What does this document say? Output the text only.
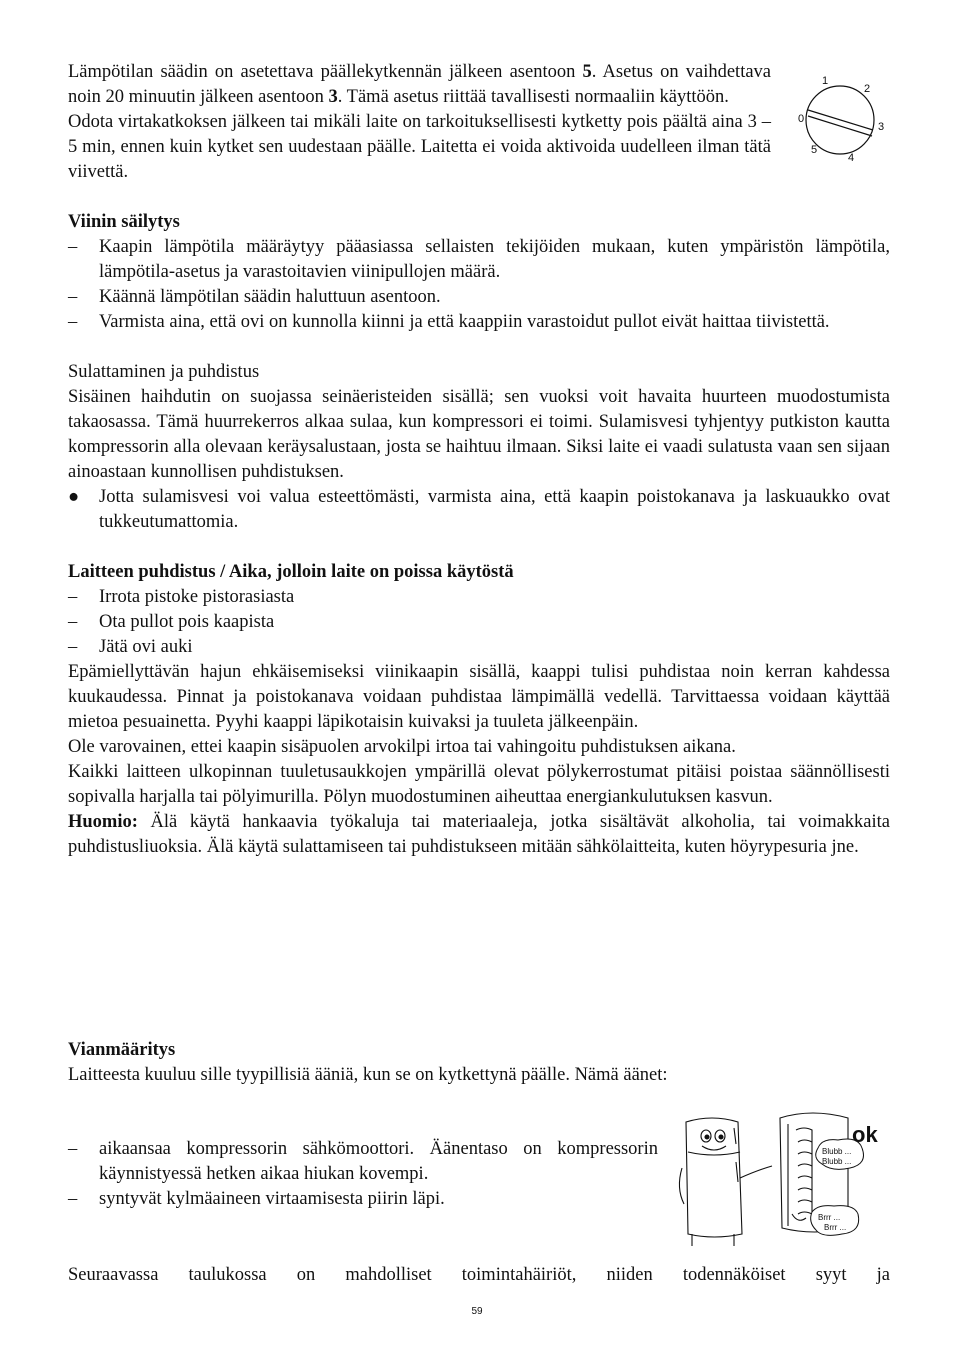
Lämpötilan säädin on asetettava päällekytkennän jälkeen asentoon 5. Asetus on vaihdettava noin 20 minuutin jälkeen asentoon 3. Tämä asetus riittää tavallisesti normaaliin käyttöön.

Odota virtakatkoksen jälkeen tai mikäli laite on tarkoituksellisesti kytketty pois päältä aina 3 – 5 min, ennen kuin kytket sen uudestaan päälle. Laitetta ei voida aktivoida uudelleen ilman tätä viivettä.

Viinin säilytys

–	Kaapin lämpötila määräytyy pääasiassa sellaisten tekijöiden mukaan, kuten ympäristön lämpötila, lämpötila-asetus ja varastoitavien viinipullojen määrä.
–	Käännä lämpötilan säädin haluttuun asentoon.
–	Varmista aina, että ovi on kunnolla kiinni ja että kaappiin varastoidut pullot eivät haittaa tiivistettä.

Sulattaminen ja puhdistus

Sisäinen haihdutin on suojassa seinäeristeiden sisällä; sen vuoksi voit havaita huurteen muodostumista takaosassa. Tämä huurrekerros alkaa sulaa, kun kompressori ei toimi. Sulamisvesi tyhjentyy putkiston kautta kompressorin alla olevaan keräysalustaan, josta se haihtuu ilmaan. Siksi laite ei vaadi sulatusta vaan sen sijaan ainoastaan kunnollisen puhdistuksen.

●	Jotta sulamisvesi voi valua esteettömästi, varmista aina, että kaapin poistokanava ja laskuaukko ovat tukkeutumattomia.

Laitteen puhdistus / Aika, jolloin laite on poissa käytöstä

–	Irrota pistoke pistorasiasta
–	Ota pullot pois kaapista
–	Jätä ovi auki

Epämiellyttävän hajun ehkäisemiseksi viinikaapin sisällä, kaappi tulisi puhdistaa noin kerran kahdessa kuukaudessa. Pinnat ja poistokanava voidaan puhdistaa lämpimällä vedellä. Tarvittaessa voidaan käyttää mietoa pesuainetta. Pyyhi kaappi läpikotaisin kuivaksi ja tuuleta jälkeenpäin.

Ole varovainen, ettei kaapin sisäpuolen arvokilpi irtoa tai vahingoitu puhdistuksen aikana.

Kaikki laitteen ulkopinnan tuuletusaukkojen ympärillä olevat pölykerrostumat pitäisi poistaa säännöllisesti sopivalla harjalla tai pölyimurilla. Pölyn muodostuminen aiheuttaa energiankulutuksen kasvun.

Huomio: Älä käytä hankaavia työkaluja tai materiaaleja, jotka sisältävät alkoholia, tai voimakkaita puhdistusliuoksia. Älä käytä sulattamiseen tai puhdistukseen mitään sähkölaitteita, kuten höyrypesuria jne.

Vianmääritys

Laitteesta kuuluu sille tyypillisiä ääniä, kun se on kytkettynä päälle. Nämä äänet:

–	aikaansaa kompressorin sähkömoottori. Äänentaso on kompressorin käynnistyessä hetken aikaa hiukan kovempi.
–	syntyvät kylmäaineen virtaamisesta piirin läpi.

Seuraavassa taulukossa on mahdolliset toimintahäiriöt, niiden todennäköiset syyt ja

1
2
0
3
5
4
Blubb ...
Blubb ...
Brrr ...
Brrr ...
ok
59
